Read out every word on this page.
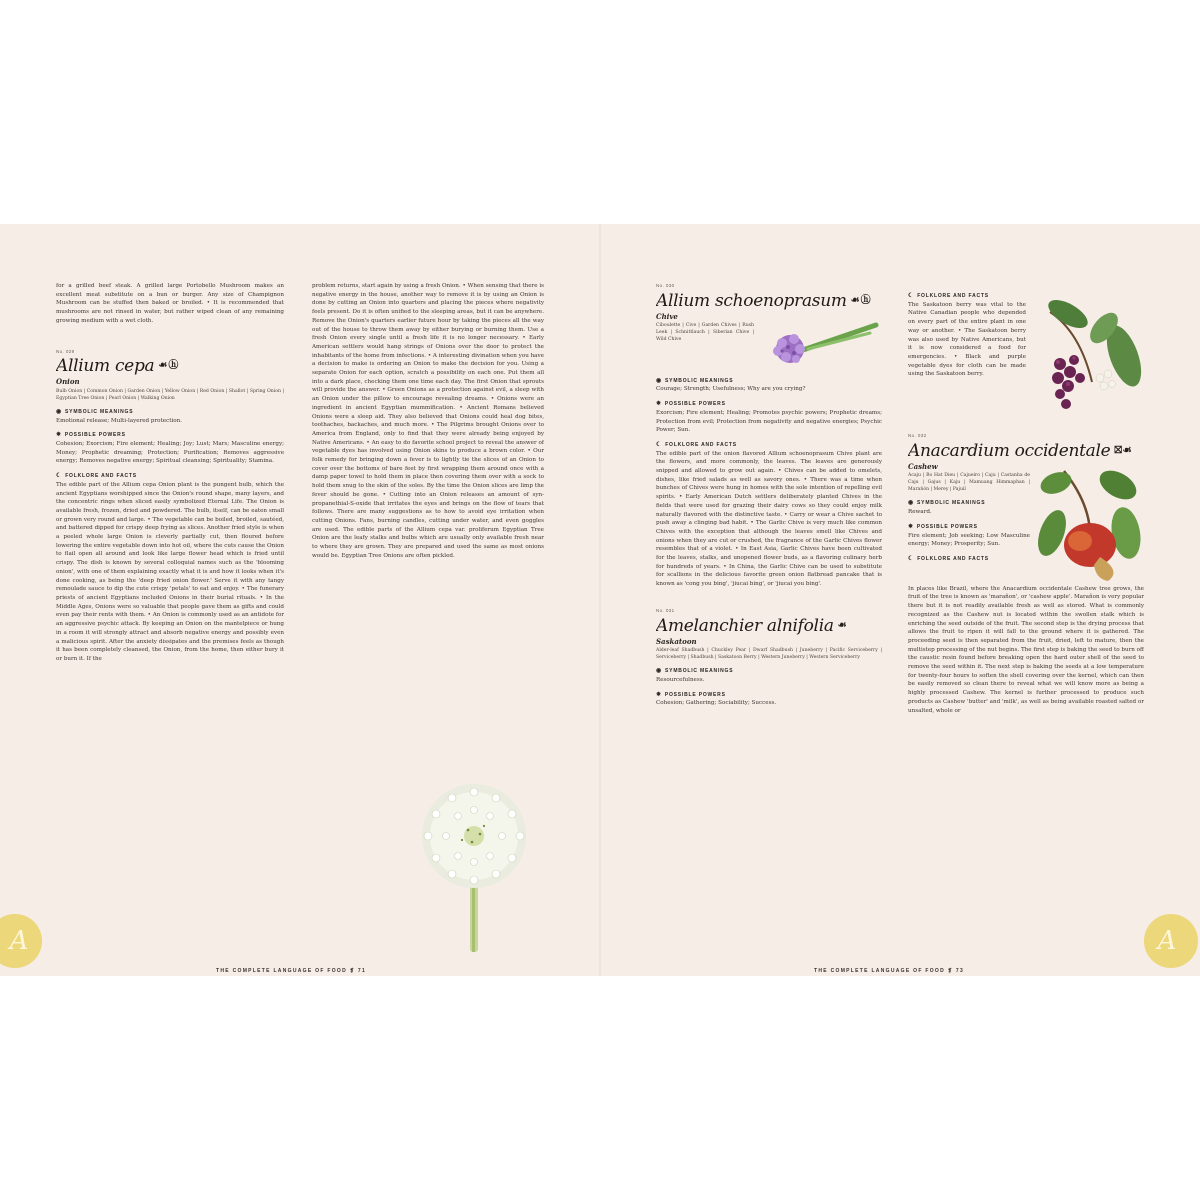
for a grilled beef steak. A grilled large Portobello Mushroom makes an excellent meat substitute on a bun or burger. Any size of Champignon Mushroom can be stuffed then baked or broiled. • It is recommended that mushrooms are not rinsed in water, but rather wiped clean of any remaining growing medium with a wet cloth.

No. 029
Allium cepa ☙ⓗ
Onion
Bulb Onion | Common Onion | Garden Onion | Yellow Onion | Red Onion | Shallot | Spring Onion | Egyptian Tree Onion | Pearl Onion | Walking Onion
◉ SYMBOLIC MEANINGS

Emotional release; Multi-layered protection.

✵ POSSIBLE POWERS

Cohesion; Exorcism; Fire element; Healing; Joy; Lust; Mars; Masculine energy; Money; Prophetic dreaming; Protection; Purification; Removes aggressive energy; Removes negative energy; Spiritual cleansing; Spirituality; Stamina.

☾ FOLKLORE AND FACTS

The edible part of the Allium cepa Onion plant is the pungent bulb, which the ancient Egyptians worshipped since the Onion's round shape, many layers, and the concentric rings when sliced easily symbolized Eternal Life. The Onion is available fresh, frozen, dried and powdered. The bulb, itself, can be eaten small or grown very round and large. • The vegetable can be boiled, broiled, sautéed, and battered dipped for crispy deep frying as slices. Another fried style is when a peeled whole large Onion is cleverly partially cut, then floured before lowering the entire vegetable down into hot oil, where the cuts cause the Onion to flail open all around and look like large flower head which is fried until crispy. The dish is known by several colloquial names such as the 'blooming onion', with one of them explaining exactly what it is and how it looks when it's done cooking, as being the 'deep fried onion flower.' Serve it with any tangy remoulade sauce to dip the cute crispy 'petals' to eat and enjoy. • The funerary priests of ancient Egyptians included Onions in their burial rituals. • In the Middle Ages, Onions were so valuable that people gave them as gifts and could even pay their rents with them. • An Onion is commonly used as an antidote for an aggressive psychic attack. By keeping an Onion on the mantelpiece or hung in a room it will strongly attract and absorb negative energy and possibly even a malicious spirit. After the anxiety dissipates and the premises feels as though it has been completely cleansed, the Onion, from the home, then either bury it or burn it. If the

problem returns, start again by using a fresh Onion. • When sensing that there is negative energy in the house, another way to remove it is by using an Onion is done by cutting an Onion into quarters and placing the pieces where negativity feels present. Do it is often unified to the sleeping areas, but it can be anywhere. Remove the Onion's quarters earlier future hour by taking the pieces all the way out of the house to throw them away by either burying or burning them. Use a fresh Onion every single until a fresh life it is no longer necessary. • Early American settlers would hang strings of Onions over the door to protect the inhabitants of the home from infections. • A interesting divination when you have a decision to make is ordering an Onion to make the decision for you. Using a separate Onion for each option, scratch a possibility on each one. Put them all into a dark place, checking them one time each day. The first Onion that sprouts will provide the answer. • Green Onions as a protection against evil, a sleep with an Onion under the pillow to encourage revealing dreams. • Onions were an ingredient in ancient Egyptian mummification. • Ancient Romans believed Onions were a sleep aid. They also believed that Onions could heal dog bites, toothaches, backaches, and much more. • The Pilgrims brought Onions over to America from England, only to find that they were already being enjoyed by Native Americans. • An easy to do favorite school project to reveal the answer of vegetable dyes has involved using Onion skins to produce a brown color. • Our folk remedy for bringing down a fever is to lightly tie the slices of an Onion to cover over the bottoms of bare feet by first wrapping them around once with a damp paper towel to hold them in place then covering them over with a sock to hold them snug to the skin of the soles. By the time the Onion slices are limp the fever should be gone. • Cutting into an Onion releases an amount of syn-propanethial-S-oxide that irritates the eyes and brings on the flow of tears that follows. There are many suggestions as to how to avoid eye irritation when cutting Onions. Fans, burning candles, cutting under water, and even goggles are used. The edible parts of the Allium cepa var. proliferum Egyptian Tree Onion are the leafy stalks and bulbs which are usually only available fresh near to where they are grown. They are prepared and used the same as most onions would be. Egyptian Tree Onions are often pickled.

THE COMPLETE LANGUAGE OF FOOD ❡ 71
A
No. 030
Allium schoenoprasum ☙ⓗ
Chive
Ciboulette | Cive | Garden Chives | Rush Leek | Schnittlauch | Siberian Chive | Wild Chive
◉ SYMBOLIC MEANINGS

Courage; Strength; Usefulness; Why are you crying?

✵ POSSIBLE POWERS

Exorcism; Fire element; Healing; Promotes psychic powers; Prophetic dreams; Protection from evil; Protection from negativity and negative energies; Psychic Power; Sun.

☾ FOLKLORE AND FACTS

The edible part of the onion flavored Allium schoenoprasum Chive plant are the flowers, and more commonly, the leaves. The leaves are generously snipped and allowed to grow out again. • Chives can be added to omelets, dishes, like fried salads as well as savory ones. • There was a time when bunches of Chives were hung in homes with the sole intention of repelling evil spirits. • Early American Dutch settlers deliberately planted Chives in the fields that were used for grazing their dairy cows so they could enjoy milk naturally flavored with the distinctive taste. • Carry or wear a Chive sachet to push away a clinging bad habit. • The Garlic Chive is very much like common Chives with the exception that although the leaves smell like Chives and onions when they are cut or crushed, the fragrance of the Garlic Chives flower resembles that of a violet. • In East Asia, Garlic Chives have been cultivated for the leaves, stalks, and unopened flower buds, as a flavoring culinary herb for hundreds of years. • In China, the Garlic Chive can be used to substitute for scallions in the delicious favorite green onion flatbread pancake that is known as 'cong you bing', 'jiucai bing', or 'jiucai you bing'.

No. 031
Amelanchier alnifolia ☙
Saskatoon
Alder-leaf Shadbush | Chuckley Pear | Dwarf Shadbush | Juneberry | Pacific Serviceberry | Serviceberry | Shadbush | Saskatoon Berry | Western Juneberry | Western Serviceberry
◉ SYMBOLIC MEANINGS

Resourcefulness.

✵ POSSIBLE POWERS

Cohesion; Gathering; Sociability; Success.

☾ FOLKLORE AND FACTS

The Saskatoon berry was vital to the Native Canadian people who depended on every part of the entire plant in one way or another. • The Saskatoon berry was also used by Native Americans, but it is now considered a food for emergencies. • Black and purple vegetable dyes for cloth can be made using the Saskatoon berry.

No. 032
Anacardium occidentale ⛝☙
Cashew
Acaju | Bo Hat Dieu | Cajueiro | Caju | Castanha de Caju | Gajus | Kaju | Mamuang Himmaphan | Marañón | Merey | Pajuil
◉ SYMBOLIC MEANINGS

Reward.

✵ POSSIBLE POWERS

Fire element; Job seeking; Low Masculine energy; Money; Prosperity; Sun.

☾ FOLKLORE AND FACTS

In places like Brazil, where the Anacardium occidentale Cashew tree grows, the fruit of the tree is known as 'marañon', or 'cashew apple'. Marañon is very popular there but it is not readily available fresh as well as stored. What is commonly recognized as the Cashew nut is located within the swollen stalk which is enriching the seed outside of the fruit. The second step is the drying process that allows the fruit to ripen it will fall to the ground where it is gathered. The proceeding seed is then separated from the fruit, dried, left to mature, then the multistep processing of the nut begins. The first step is baking the seed to burn off the caustic resin found before breaking open the hard outer shell of the seed to remove the seed within it. The next step is baking the seeds at a low temperature for twenty-four hours to soften the shell covering over the kernel, which can then be easily removed so clean there to reveal what we will know more as being a highly processed Cashew. The kernel is further processed to produce such products as Cashew 'butter' and 'milk', as well as being available roasted salted or unsalted, whole or

THE COMPLETE LANGUAGE OF FOOD ❡ 73
A
